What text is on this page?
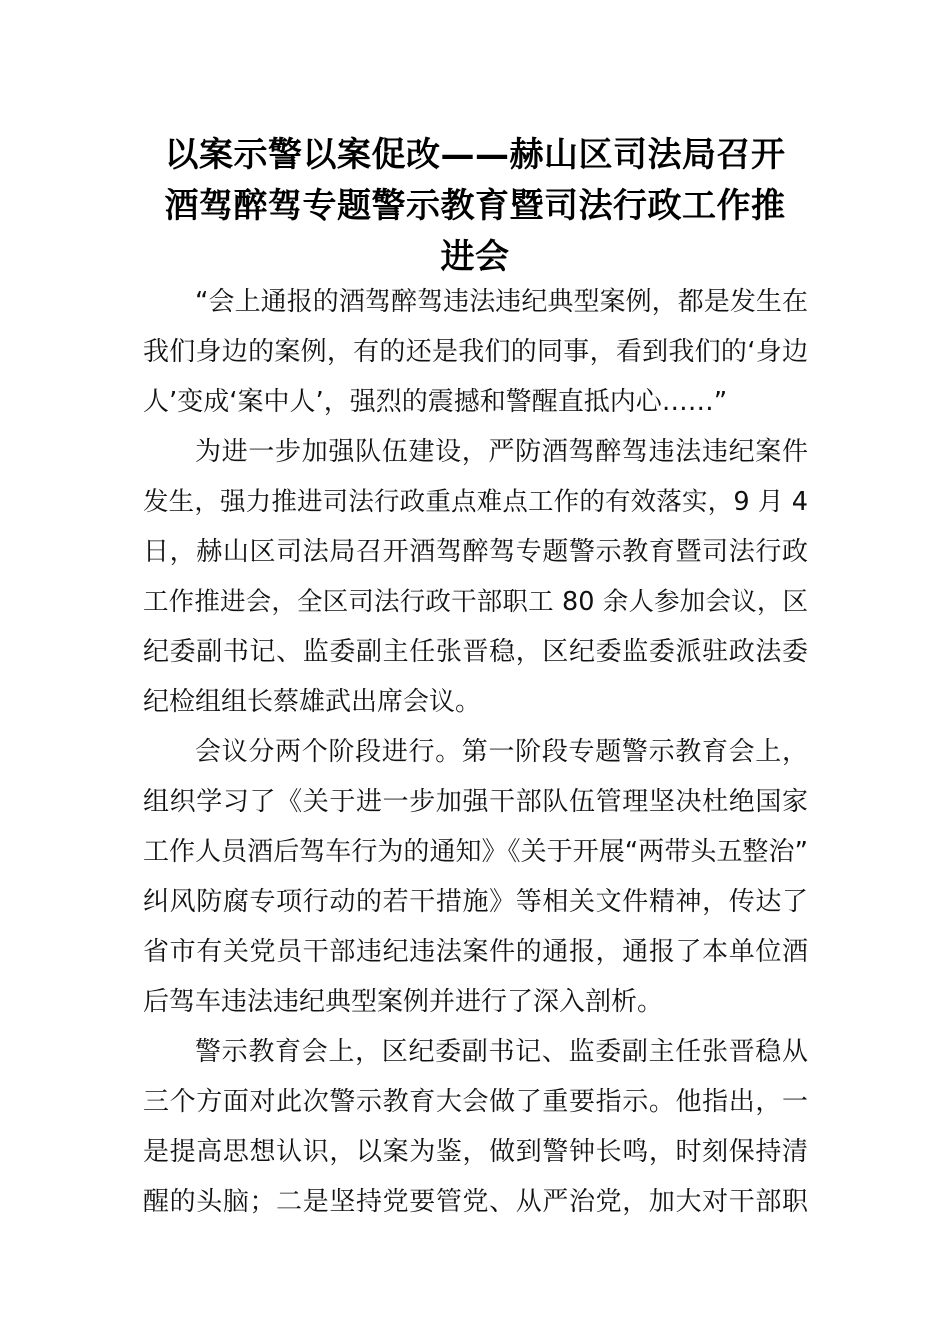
以案示警以案促改——赫山区司法局召开
酒驾醉驾专题警示教育暨司法行政工作推
进会

“会上通报的酒驾醉驾违法违纪典型案例，都是发生在
我们身边的案例，有的还是我们的同事，看到我们的‘身边
人’变成‘案中人’，强烈的震撼和警醒直抵内心……”

为进一步加强队伍建设，严防酒驾醉驾违法违纪案件
发生，强力推进司法行政重点难点工作的有效落实，9 月 4
日，赫山区司法局召开酒驾醉驾专题警示教育暨司法行政
工作推进会，全区司法行政干部职工 80 余人参加会议，区
纪委副书记、监委副主任张晋稳，区纪委监委派驻政法委
纪检组组长蔡雄武出席会议。

会议分两个阶段进行。第一阶段专题警示教育会上，
组织学习了《关于进一步加强干部队伍管理坚决杜绝国家
工作人员酒后驾车行为的通知》《关于开展“两带头五整治”
纠风防腐专项行动的若干措施》等相关文件精神，传达了
省市有关党员干部违纪违法案件的通报，通报了本单位酒
后驾车违法违纪典型案例并进行了深入剖析。

警示教育会上，区纪委副书记、监委副主任张晋稳从
三个方面对此次警示教育大会做了重要指示。他指出，一
是提高思想认识，以案为鉴，做到警钟长鸣，时刻保持清
醒的头脑；二是坚持党要管党、从严治党，加大对干部职
